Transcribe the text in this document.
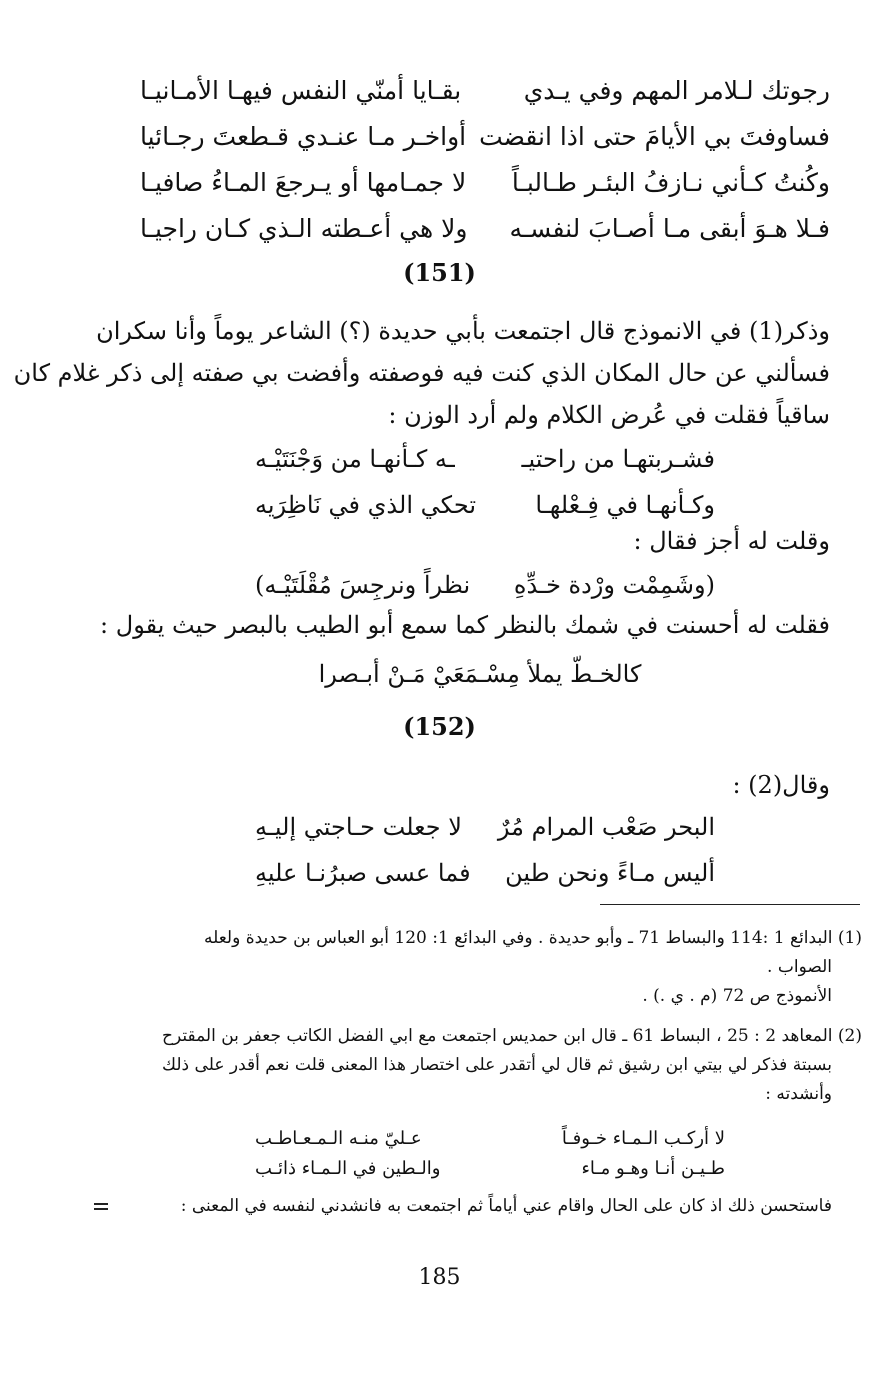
رجوتك لـلامر المهم وفي يـدي
بقـايا أمنّي النفس فيهـا الأمـانيـا
فساوفتَ بي الأيامَ حتى اذا انقضت
أواخـر مـا عنـدي قـطعتَ رجـائيا
وكُنتُ كـأني نـازفُ البئـر طـالبـاً
لا جمـامها أو يـرجعَ المـاءُ صافيـا
فـلا هـوَ أبقى مـا أصـابَ لنفسـه
ولا هي أعـطته الـذي كـان راجيـا
(151)
وذكر(1) في الانموذج قال اجتمعت بأبي حديدة (؟) الشاعر يوماً وأنا سكران
فسألني عن حال المكان الذي كنت فيه فوصفته وأفضت بي صفته إلى ذكر غلام كان
ساقياً فقلت في عُرض الكلام ولم أرد الوزن :
فشـربتهـا من راحتيـ
ـه كـأنهـا من وَجْنَتَيْـه
وكـأنهـا في فِـعْلهـا
تحكي الذي في نَاظِرَيه
وقلت له أجز فقال :
(وشَمِمْت ورْدة خـدِّهِ
نظراً ونرجِسَ مُقْلَتَيْـه)
فقلت له أحسنت في شمك بالنظر كما سمع أبو الطيب بالبصر حيث يقول :
كالخـطّ يملأ مِسْـمَعَيْ مَـنْ أبـصرا
(152)
وقال(2) :
البحر صَعْب المرام مُرٌ
لا جعلت حـاجتي إليـهِ
أليس مـاءً ونحن طين
فما عسى صبرُنـا عليهِ
(1) البدائع 1 :114 والبساط 71 ـ وأبو حديدة . وفي البدائع 1: 120 أبو العباس بن حديدة ولعله
الصواب .
الأنموذج ص 72 (م . ي .) .
(2) المعاهد 2 : 25 ، البساط 61 ـ قال ابن حمديس اجتمعت مع ابي الفضل الكاتب جعفر بن المقترح
بسبتة فذكر لي بيتي ابن رشيق ثم قال لي أتقدر على اختصار هذا المعنى قلت نعم أقدر على ذلك
وأنشدته :
لا أركـب الـمـاء خـوفـاً
عـليّ منـه الـمـعـاطـب
طـيـن أنـا وهـو مـاء
والـطين في الـمـاء ذائـب
فاستحسن ذلك اذ كان على الحال واقام عني أياماً ثم اجتمعت به فانشدني لنفسه في المعنى :
185
